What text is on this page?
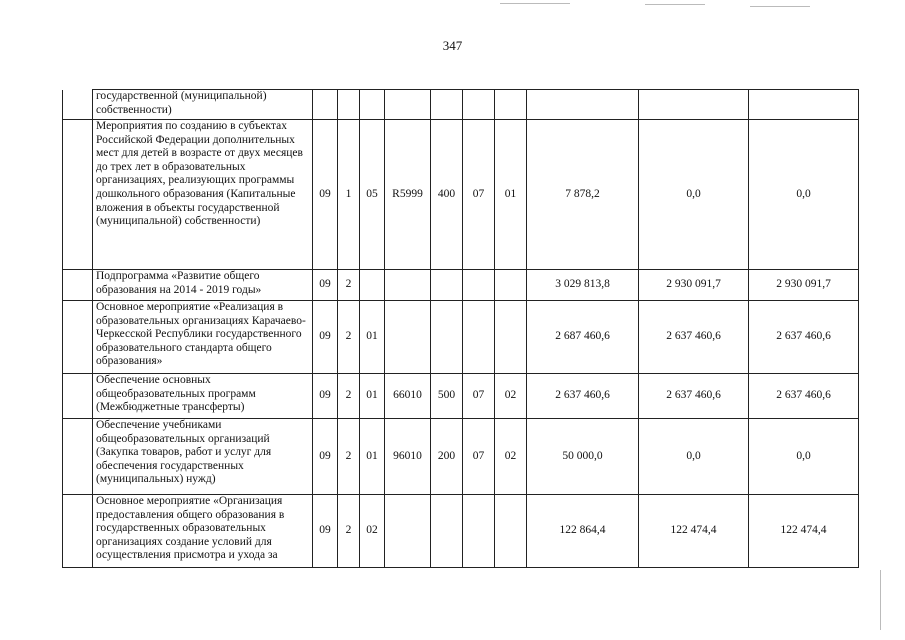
347
	государственной (муниципальной) собственности)										
	Мероприятия по созданию в субъектах Российской Федерации дополнительных мест для детей в возрасте от двух месяцев до трех лет в образовательных организациях, реализующих программы дошкольного образования (Капитальные вложения в объекты государственной (муниципальной) собственности)	09	1	05	R5999	400	07	01	7 878,2	0,0	0,0
	Подпрограмма «Развитие общего образования на 2014 - 2019 годы»	09	2						3 029 813,8	2 930 091,7	2 930 091,7
	Основное мероприятие «Реализация в образовательных организациях Карачаево-Черкесской Республики государственного образовательного стандарта общего образования»	09	2	01					2 687 460,6	2 637 460,6	2 637 460,6
	Обеспечение основных общеобразовательных программ (Межбюджетные трансферты)	09	2	01	66010	500	07	02	2 637 460,6	2 637 460,6	2 637 460,6
	Обеспечение учебниками общеобразовательных организаций (Закупка товаров, работ и услуг для обеспечения государственных (муниципальных) нужд)	09	2	01	96010	200	07	02	50 000,0	0,0	0,0
	Основное мероприятие «Организация предоставления общего образования в государственных образовательных организациях создание условий для осуществления присмотра и ухода за	09	2	02					122 864,4	122 474,4	122 474,4
